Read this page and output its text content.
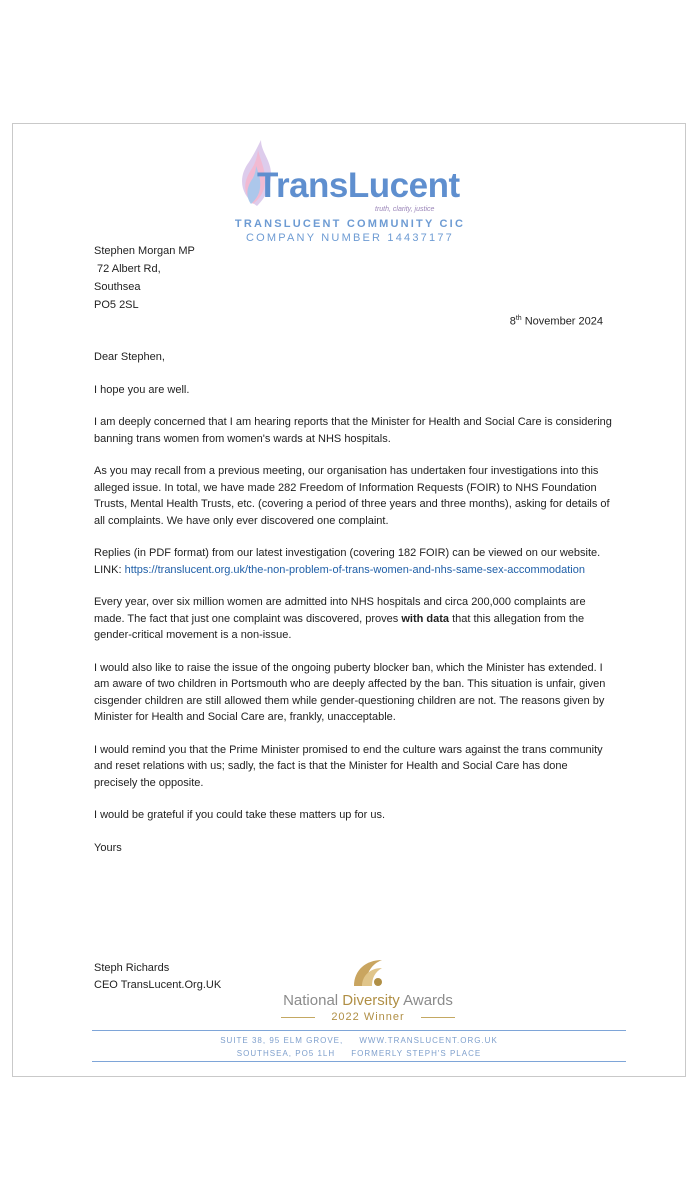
TransLucent
truth, clarity, justice
TRANSLUCENT COMMUNITY CIC
COMPANY NUMBER 14437177
Stephen Morgan MP
72 Albert Rd,
Southsea
PO5 2SL
8th November 2024

Dear Stephen,

I hope you are well.

I am deeply concerned that I am hearing reports that the Minister for Health and Social Care is considering banning trans women from women's wards at NHS hospitals.

As you may recall from a previous meeting, our organisation has undertaken four investigations into this alleged issue. In total, we have made 282 Freedom of Information Requests (FOIR) to NHS Foundation Trusts, Mental Health Trusts, etc. (covering a period of three years and three months), asking for details of all complaints. We have only ever discovered one complaint.

Replies (in PDF format) from our latest investigation (covering 182 FOIR) can be viewed on our website. LINK: https://translucent.org.uk/the-non-problem-of-trans-women-and-nhs-same-sex-accommodation

Every year, over six million women are admitted into NHS hospitals and circa 200,000 complaints are made. The fact that just one complaint was discovered, proves with data that this allegation from the gender-critical movement is a non-issue.

I would also like to raise the issue of the ongoing puberty blocker ban, which the Minister has extended. I am aware of two children in Portsmouth who are deeply affected by the ban. This situation is unfair, given cisgender children are still allowed them while gender-questioning children are not. The reasons given by Minister for Health and Social Care are, frankly, unacceptable.

I would remind you that the Prime Minister promised to end the culture wars against the trans community and reset relations with us; sadly, the fact is that the Minister for Health and Social Care has done precisely the opposite.

I would be grateful if you could take these matters up for us.

Yours

Steph Richards
CEO TransLucent.Org.UK
National Diversity Awards
2022 Winner
SUITE 38, 95 ELM GROVE,     WWW.TRANSLUCENT.ORG.UK
SOUTHSEA, PO5 1LH     FORMERLY STEPH'S PLACE
